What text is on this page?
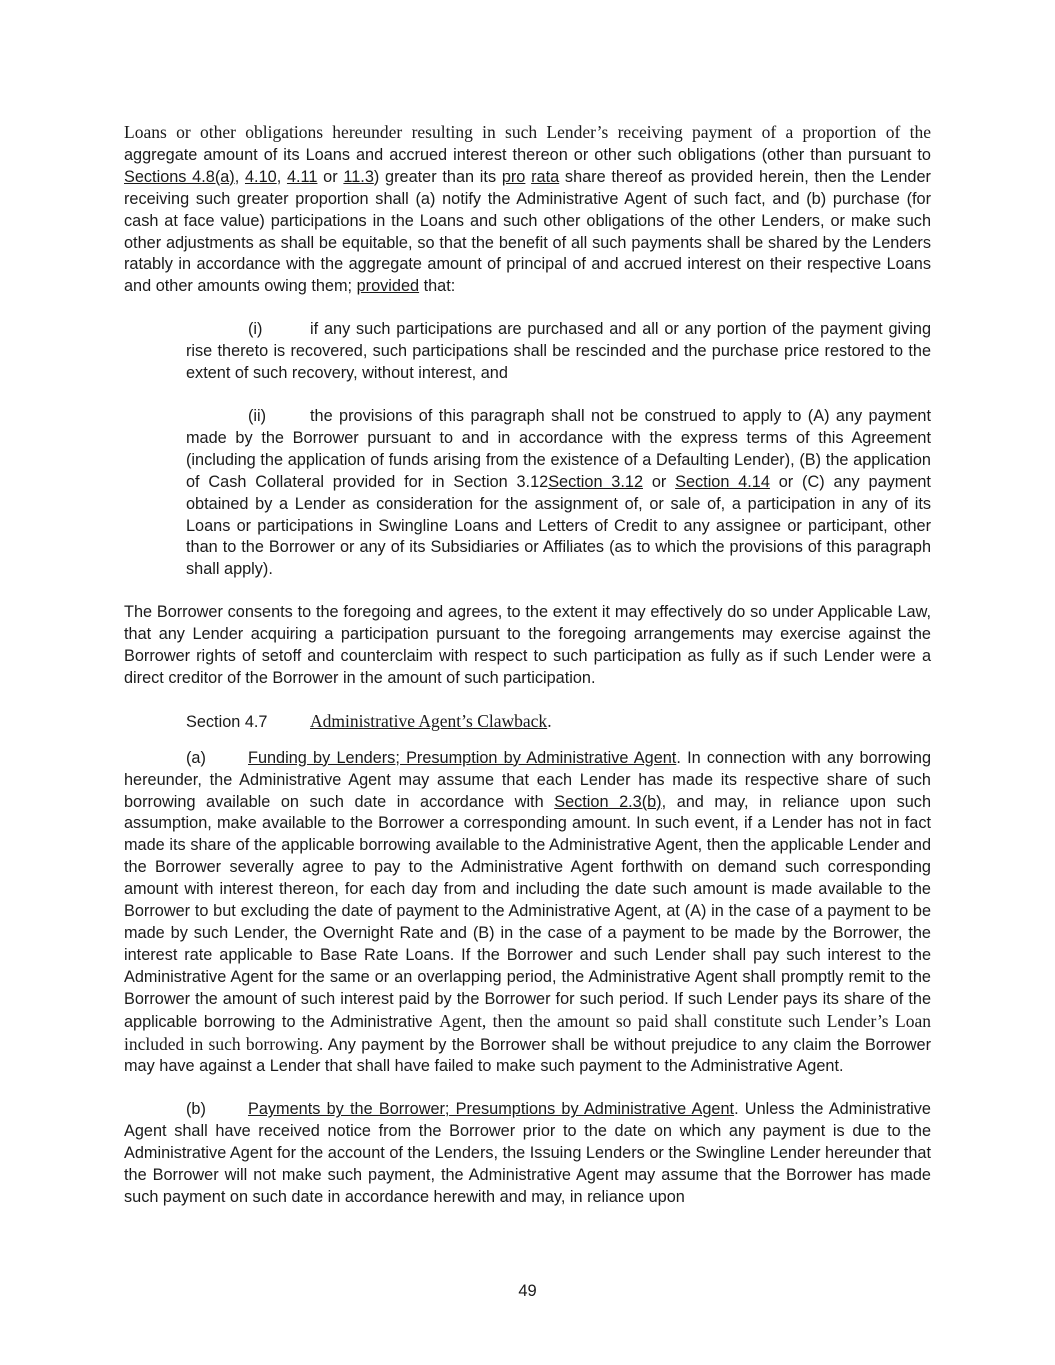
Loans or other obligations hereunder resulting in such Lender’s receiving payment of a proportion of the aggregate amount of its Loans and accrued interest thereon or other such obligations (other than pursuant to Sections 4.8(a), 4.10, 4.11 or 11.3) greater than its pro rata share thereof as provided herein, then the Lender receiving such greater proportion shall (a) notify the Administrative Agent of such fact, and (b) purchase (for cash at face value) participations in the Loans and such other obligations of the other Lenders, or make such other adjustments as shall be equitable, so that the benefit of all such payments shall be shared by the Lenders ratably in accordance with the aggregate amount of principal of and accrued interest on their respective Loans and other amounts owing them; provided that:

(i)	if any such participations are purchased and all or any portion of the payment giving rise thereto is recovered, such participations shall be rescinded and the purchase price restored to the extent of such recovery, without interest, and

(ii)	the provisions of this paragraph shall not be construed to apply to (A) any payment made by the Borrower pursuant to and in accordance with the express terms of this Agreement (including the application of funds arising from the existence of a Defaulting Lender), (B) the application of Cash Collateral provided for in Section 3.12Section 3.12 or Section 4.14 or (C) any payment obtained by a Lender as consideration for the assignment of, or sale of, a participation in any of its Loans or participations in Swingline Loans and Letters of Credit to any assignee or participant, other than to the Borrower or any of its Subsidiaries or Affiliates (as to which the provisions of this paragraph shall apply).

The Borrower consents to the foregoing and agrees, to the extent it may effectively do so under Applicable Law, that any Lender acquiring a participation pursuant to the foregoing arrangements may exercise against the Borrower rights of setoff and counterclaim with respect to such participation as fully as if such Lender were a direct creditor of the Borrower in the amount of such participation.

Section 4.7 Administrative Agent’s Clawback.

(a)	Funding by Lenders; Presumption by Administrative Agent. In connection with any borrowing hereunder, the Administrative Agent may assume that each Lender has made its respective share of such borrowing available on such date in accordance with Section 2.3(b), and may, in reliance upon such assumption, make available to the Borrower a corresponding amount. In such event, if a Lender has not in fact made its share of the applicable borrowing available to the Administrative Agent, then the applicable Lender and the Borrower severally agree to pay to the Administrative Agent forthwith on demand such corresponding amount with interest thereon, for each day from and including the date such amount is made available to the Borrower to but excluding the date of payment to the Administrative Agent, at (A) in the case of a payment to be made by such Lender, the Overnight Rate and (B) in the case of a payment to be made by the Borrower, the interest rate applicable to Base Rate Loans. If the Borrower and such Lender shall pay such interest to the Administrative Agent for the same or an overlapping period, the Administrative Agent shall promptly remit to the Borrower the amount of such interest paid by the Borrower for such period. If such Lender pays its share of the applicable borrowing to the Administrative Agent, then the amount so paid shall constitute such Lender’s Loan included in such borrowing. Any payment by the Borrower shall be without prejudice to any claim the Borrower may have against a Lender that shall have failed to make such payment to the Administrative Agent.

(b)	Payments by the Borrower; Presumptions by Administrative Agent. Unless the Administrative Agent shall have received notice from the Borrower prior to the date on which any payment is due to the Administrative Agent for the account of the Lenders, the Issuing Lenders or the Swingline Lender hereunder that the Borrower will not make such payment, the Administrative Agent may assume that the Borrower has made such payment on such date in accordance herewith and may, in reliance upon

49
